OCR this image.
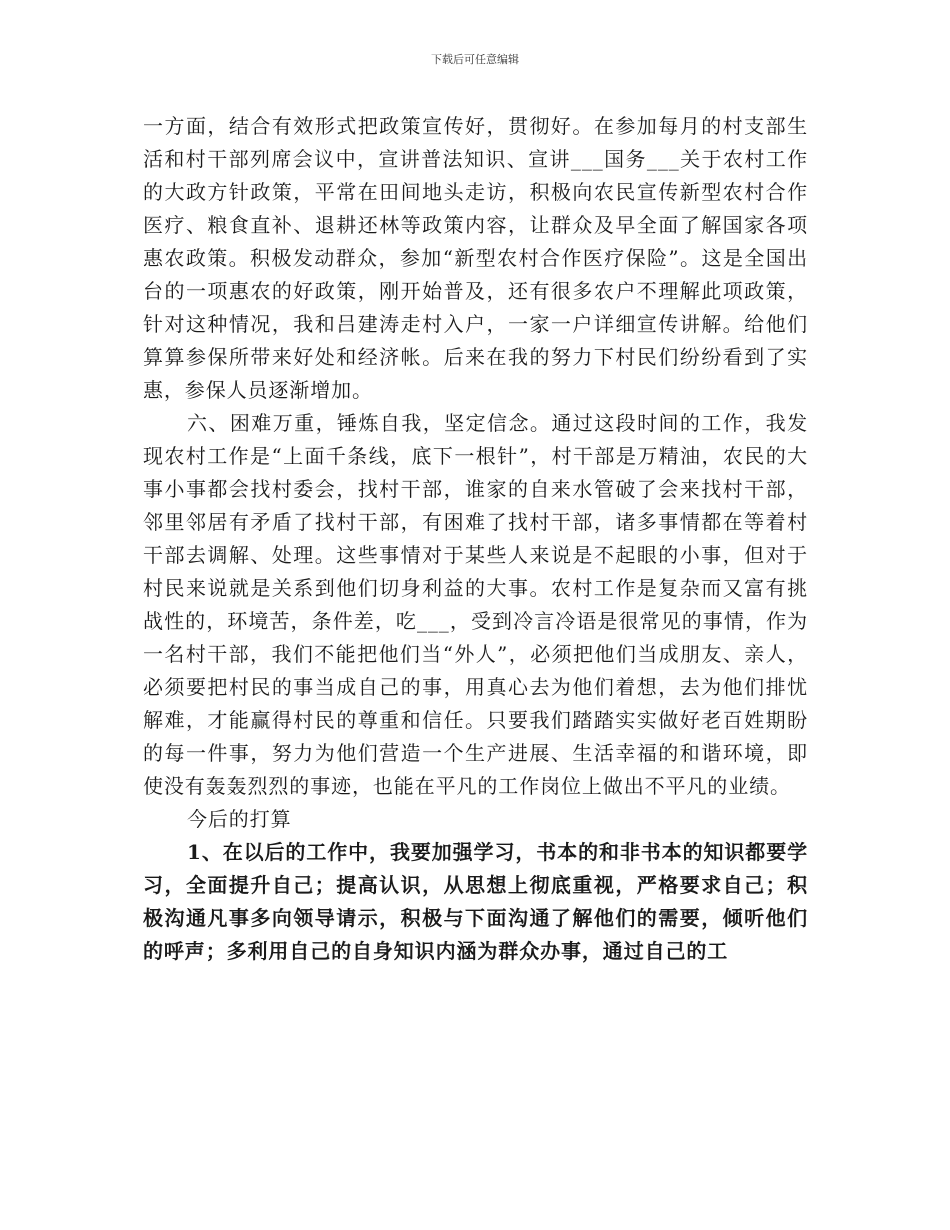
下载后可任意编辑

一方面，结合有效形式把政策宣传好，贯彻好。在参加每月的村支部生活和村干部列席会议中，宣讲普法知识、宣讲___国务___关于农村工作的大政方针政策，平常在田间地头走访，积极向农民宣传新型农村合作医疗、粮食直补、退耕还林等政策内容，让群众及早全面了解国家各项惠农政策。积极发动群众，参加“新型农村合作医疗保险”。这是全国出台的一项惠农的好政策，刚开始普及，还有很多农户不理解此项政策，针对这种情况，我和吕建涛走村入户，一家一户详细宣传讲解。给他们算算参保所带来好处和经济帐。后来在我的努力下村民们纷纷看到了实惠，参保人员逐渐增加。

六、困难万重，锤炼自我，坚定信念。通过这段时间的工作，我发现农村工作是“上面千条线，底下一根针”，村干部是万精油，农民的大事小事都会找村委会，找村干部，谁家的自来水管破了会来找村干部，邻里邻居有矛盾了找村干部，有困难了找村干部，诸多事情都在等着村干部去调解、处理。这些事情对于某些人来说是不起眼的小事，但对于村民来说就是关系到他们切身利益的大事。农村工作是复杂而又富有挑战性的，环境苦，条件差，吃___，受到冷言冷语是很常见的事情，作为一名村干部，我们不能把他们当“外人”，必须把他们当成朋友、亲人，必须要把村民的事当成自己的事，用真心去为他们着想，去为他们排忧解难，才能赢得村民的尊重和信任。只要我们踏踏实实做好老百姓期盼的每一件事，努力为他们营造一个生产进展、生活幸福的和谐环境，即使没有轰轰烈烈的事迹，也能在平凡的工作岗位上做出不平凡的业绩。

今后的打算

1、在以后的工作中，我要加强学习，书本的和非书本的知识都要学习，全面提升自己；提高认识，从思想上彻底重视，严格要求自己；积极沟通凡事多向领导请示，积极与下面沟通了解他们的需要，倾听他们的呼声；多利用自己的自身知识内涵为群众办事，通过自己的工
